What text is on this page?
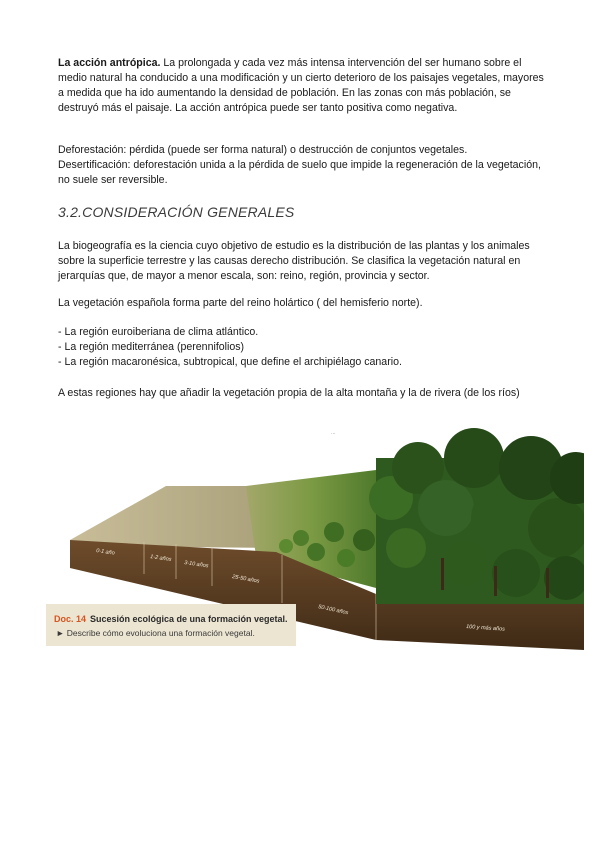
La acción antrópica. La prolongada y cada vez más intensa intervención del ser humano sobre el medio natural ha conducido a una modificación y un cierto deterioro de los paisajes vegetales, mayores a medida que ha ido aumentando la densidad de población. En las zonas con más población, se destruyó más el paisaje. La acción antrópica puede ser tanto positiva como negativa.

Deforestación: pérdida (puede ser forma natural) o destrucción de conjuntos vegetales.

Desertificación: deforestación unida a la pérdida de suelo que impide la regeneración de la vegetación, no suele ser reversible.

3.2.CONSIDERACIÓN GENERALES

La biogeografía es la ciencia cuyo objetivo de estudio es la distribución de las plantas y los animales sobre la superficie terrestre y las causas derecho distribución. Se clasifica la vegetación natural en jerarquías que, de mayor a menor escala, son: reino, región, provincia y sector.

La vegetación española forma parte del reino holártico ( del hemisferio norte).

- La región euroiberiana de clima atlántico.
- La región mediterránea (perennifolios)
- La región macaronésica, subtropical, que define el archipiélago canario.

A estas regiones hay que añadir la vegetación propia de la alta montaña y la de rivera (de los ríos)

...
0-1 año
1-2 años
3-10 años
25-50 años
50-100 años
100 y más años
Doc. 14 Sucesión ecológica de una formación vegetal.
► Describe cómo evoluciona una formación vegetal.
